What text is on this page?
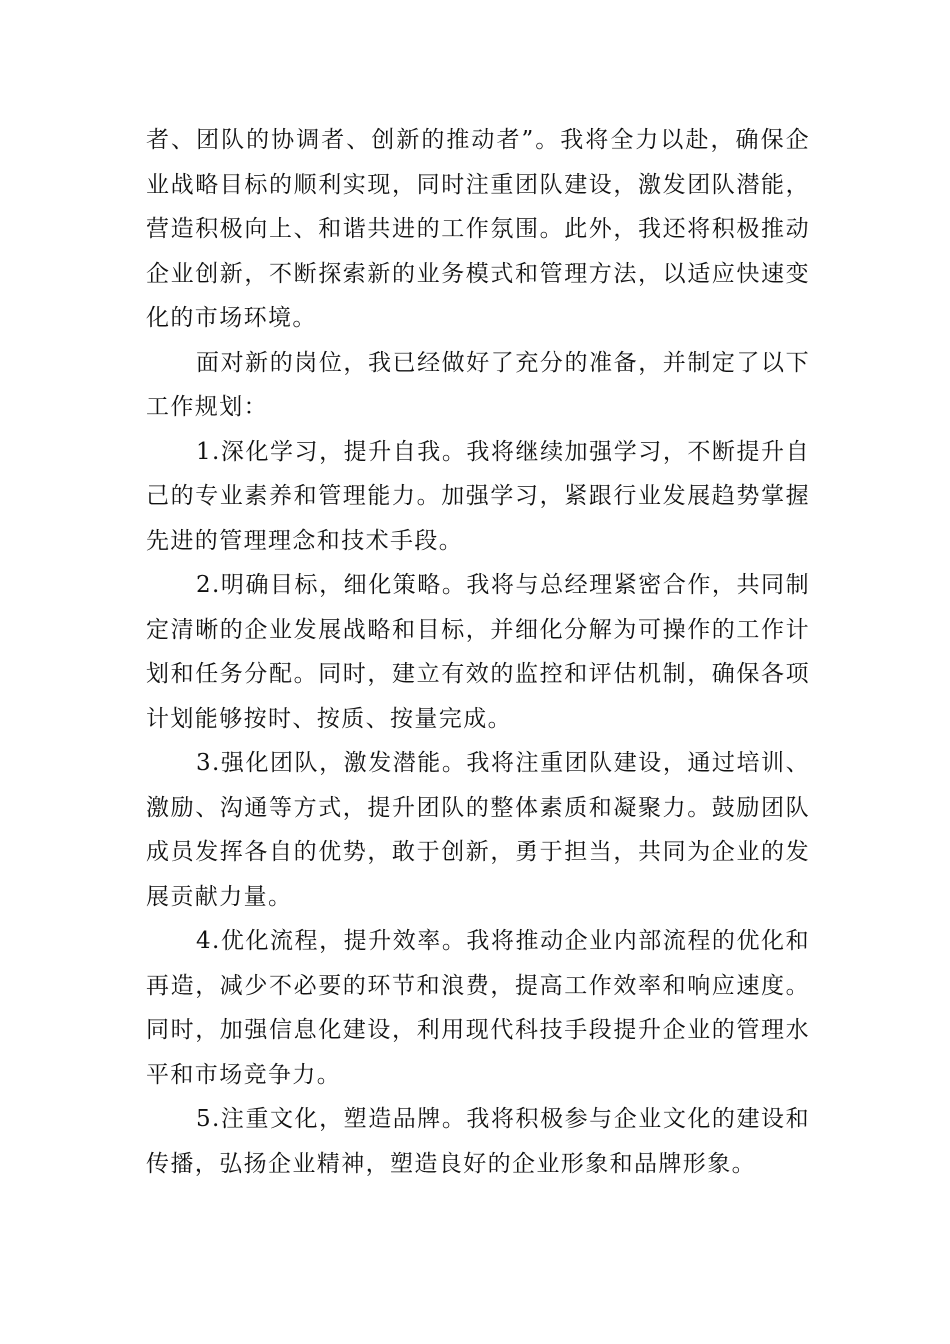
者、团队的协调者、创新的推动者”。我将全力以赴，确保企业战略目标的顺利实现，同时注重团队建设，激发团队潜能，营造积极向上、和谐共进的工作氛围。此外，我还将积极推动企业创新，不断探索新的业务模式和管理方法，以适应快速变化的市场环境。

面对新的岗位，我已经做好了充分的准备，并制定了以下工作规划：

1.深化学习，提升自我。我将继续加强学习，不断提升自己的专业素养和管理能力。加强学习，紧跟行业发展趋势掌握先进的管理理念和技术手段。

2.明确目标，细化策略。我将与总经理紧密合作，共同制定清晰的企业发展战略和目标，并细化分解为可操作的工作计划和任务分配。同时，建立有效的监控和评估机制，确保各项计划能够按时、按质、按量完成。

3.强化团队，激发潜能。我将注重团队建设，通过培训、激励、沟通等方式，提升团队的整体素质和凝聚力。鼓励团队成员发挥各自的优势，敢于创新，勇于担当，共同为企业的发展贡献力量。

4.优化流程，提升效率。我将推动企业内部流程的优化和再造，减少不必要的环节和浪费，提高工作效率和响应速度。同时，加强信息化建设，利用现代科技手段提升企业的管理水平和市场竞争力。

5.注重文化，塑造品牌。我将积极参与企业文化的建设和传播，弘扬企业精神，塑造良好的企业形象和品牌形象。
